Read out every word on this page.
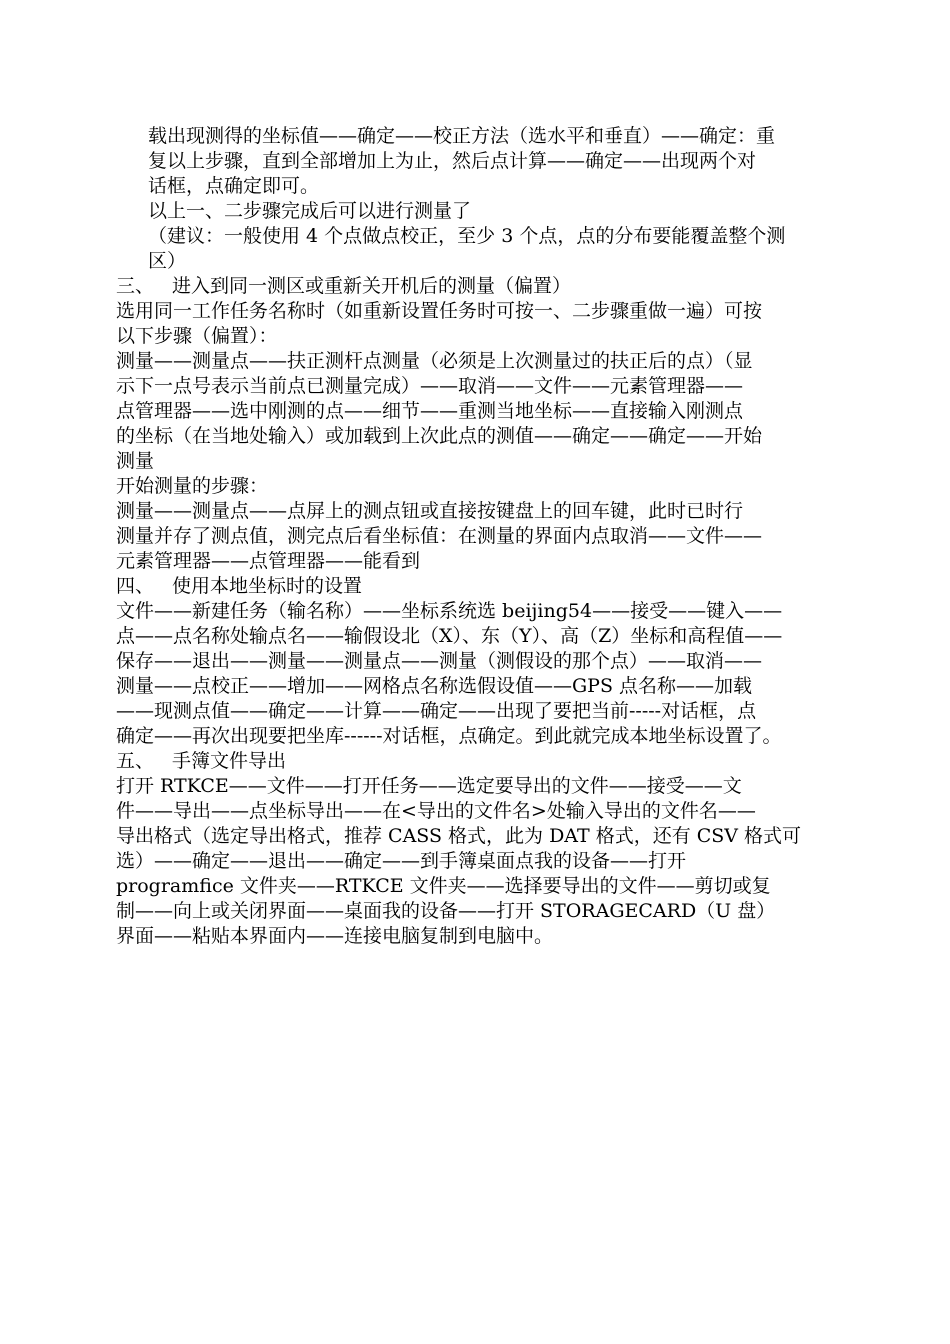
载出现测得的坐标值——确定——校正方法（选水平和垂直）——确定：重
复以上步骤，直到全部增加上为止，然后点计算——确定——出现两个对
话框，点确定即可。
以上一、二步骤完成后可以进行测量了
（建议：一般使用 4 个点做点校正，至少 3 个点，点的分布要能覆盖整个测
区）
三、 进入到同一测区或重新关开机后的测量（偏置）
选用同一工作任务名称时（如重新设置任务时可按一、二步骤重做一遍）可按
以下步骤（偏置）：
测量——测量点——扶正测杆点测量（必须是上次测量过的扶正后的点）（显
示下一点号表示当前点已测量完成）——取消——文件——元素管理器——
点管理器——选中刚测的点——细节——重测当地坐标——直接输入刚测点
的坐标（在当地处输入）或加载到上次此点的测值——确定——确定——开始
测量
开始测量的步骤：
测量——测量点——点屏上的测点钮或直接按键盘上的回车键，此时已时行
测量并存了测点值，测完点后看坐标值：在测量的界面内点取消——文件——
元素管理器——点管理器——能看到
四、 使用本地坐标时的设置
文件——新建任务（输名称）——坐标系统选 beijing54——接受——键入——
点——点名称处输点名——输假设北（X）、东（Y）、高（Z）坐标和高程值——
保存——退出——测量——测量点——测量（测假设的那个点）——取消——
测量——点校正——增加——网格点名称选假设值——GPS 点名称——加载
——现测点值——确定——计算——确定——出现了要把当前-----对话框，点
确定——再次出现要把坐库------对话框，点确定。到此就完成本地坐标设置了。
五、 手簿文件导出
打开 RTKCE——文件——打开任务——选定要导出的文件——接受——文
件——导出——点坐标导出——在<导出的文件名>处输入导出的文件名——
导出格式（选定导出格式，推荐 CASS 格式，此为 DAT 格式，还有 CSV 格式可
选）——确定——退出——确定——到手簿桌面点我的设备——打开
programfice 文件夹——RTKCE 文件夹——选择要导出的文件——剪切或复
制——向上或关闭界面——桌面我的设备——打开 STORAGECARD（U 盘）
界面——粘贴本界面内——连接电脑复制到电脑中。
